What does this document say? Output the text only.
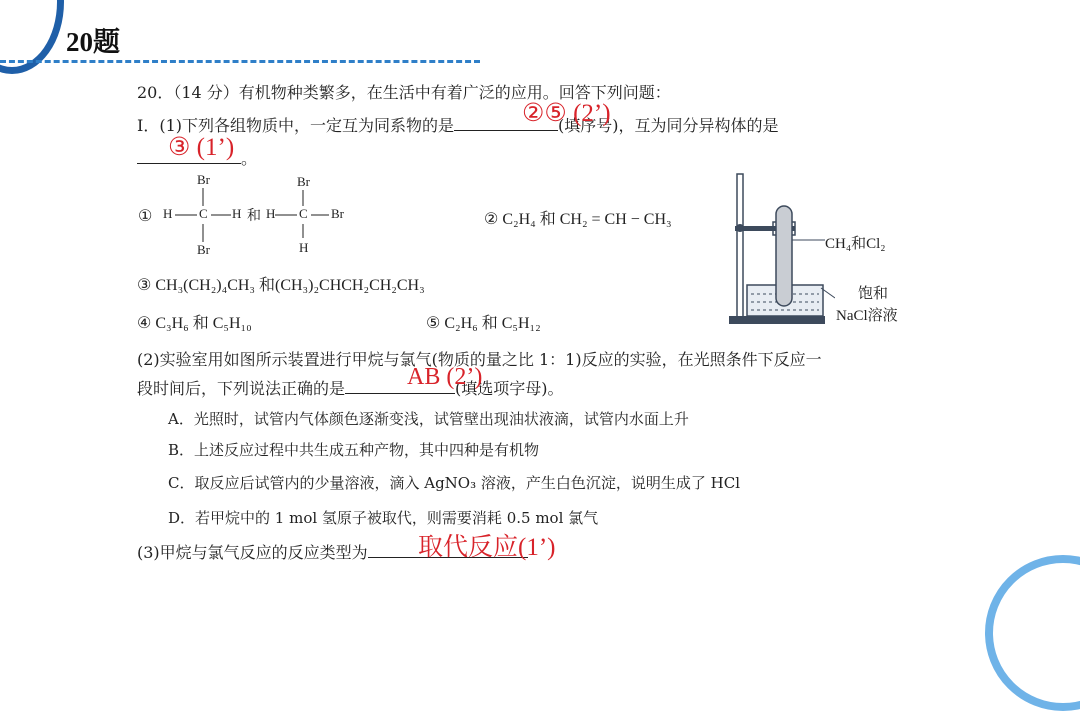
20题
20．（14 分）有机物种类繁多，在生活中有着广泛的应用。回答下列问题：
Ⅰ．(1)下列各组物质中，一定互为同系物的是	(填序号)，互为同分异构体的是
②⑤ (2’)
。
③ (1’)
①
Br
H C H
Br
和
Br
H C Br
H
② C₂H₄ 和 CH₂ = CH − CH₃
③ CH₃(CH₂)₄CH₃ 和(CH₃)₂CHCH₂CH₂CH₃
④ C₃H₆ 和 C₅H₁₀	⑤ C₂H₆ 和 C₅H₁₂
CH₄和Cl₂
饱和
NaCl溶液
(2)实验室用如图所示装置进行甲烷与氯气(物质的量之比 1：1)反应的实验，在光照条件下反应一
段时间后，下列说法正确的是	(填选项字母)。
AB (2’)
A．光照时，试管内气体颜色逐渐变浅，试管壁出现油状液滴，试管内水面上升
B．上述反应过程中共生成五种产物，其中四种是有机物
C．取反应后试管内的少量溶液，滴入 AgNO₃ 溶液，产生白色沉淀，说明生成了 HCl
D．若甲烷中的 1 mol 氢原子被取代，则需要消耗 0.5 mol 氯气
(3)甲烷与氯气反应的反应类型为	取代反应(1’)
